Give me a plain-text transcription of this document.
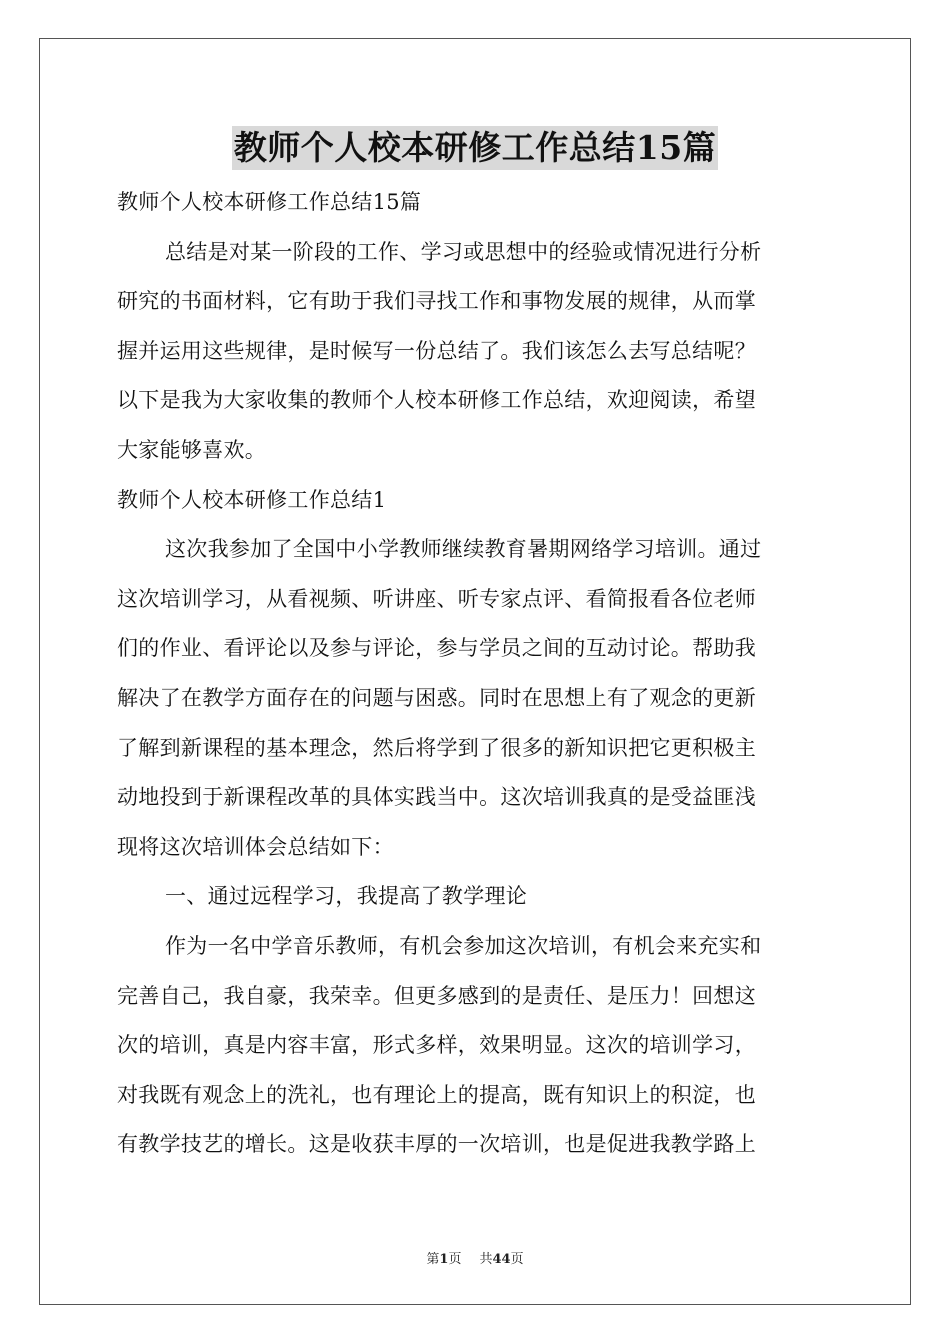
教师个人校本研修工作总结15篇
教师个人校本研修工作总结15篇
总结是对某一阶段的工作、学习或思想中的经验或情况进行分析
研究的书面材料，它有助于我们寻找工作和事物发展的规律，从而掌
握并运用这些规律，是时候写一份总结了。我们该怎么去写总结呢？
以下是我为大家收集的教师个人校本研修工作总结，欢迎阅读，希望
大家能够喜欢。
教师个人校本研修工作总结1
这次我参加了全国中小学教师继续教育暑期网络学习培训。通过
这次培训学习，从看视频、听讲座、听专家点评、看简报看各位老师
们的作业、看评论以及参与评论，参与学员之间的互动讨论。帮助我
解决了在教学方面存在的问题与困惑。同时在思想上有了观念的更新
了解到新课程的基本理念，然后将学到了很多的新知识把它更积极主
动地投到于新课程改革的具体实践当中。这次培训我真的是受益匪浅
现将这次培训体会总结如下：
一、通过远程学习，我提高了教学理论
作为一名中学音乐教师，有机会参加这次培训，有机会来充实和
完善自己，我自豪，我荣幸。但更多感到的是责任、是压力！回想这
次的培训，真是内容丰富，形式多样，效果明显。这次的培训学习，
对我既有观念上的洗礼，也有理论上的提高，既有知识上的积淀，也
有教学技艺的增长。这是收获丰厚的一次培训，也是促进我教学路上
第1页 共44页
